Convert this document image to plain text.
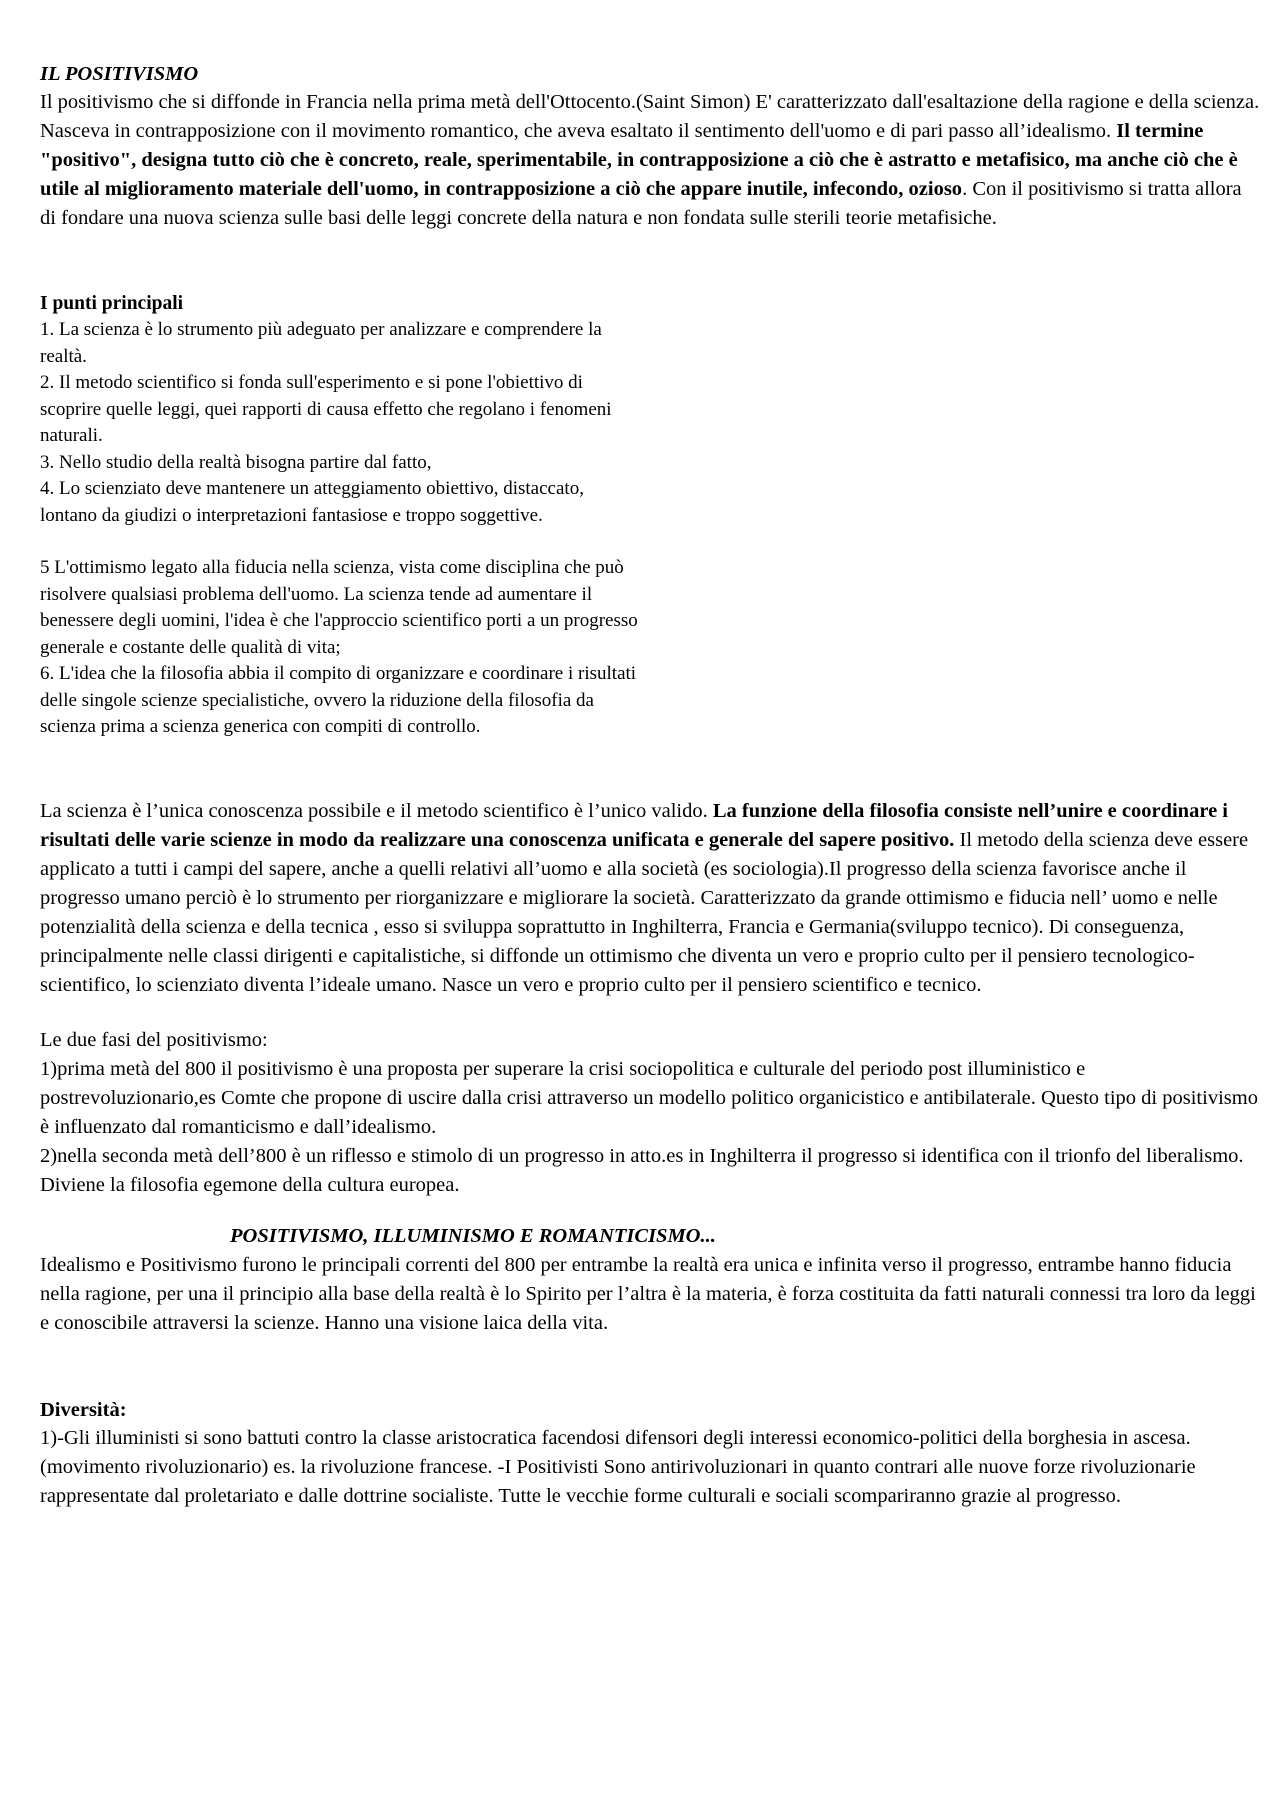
IL POSITIVISMO

Il positivismo che si diffonde in Francia nella prima metà dell'Ottocento.(Saint Simon) E' caratterizzato dall'esaltazione della ragione e della scienza. Nasceva in contrapposizione con il movimento romantico, che aveva esaltato il sentimento dell'uomo e di pari passo all’idealismo. Il termine "positivo", designa tutto ciò che è concreto, reale, sperimentabile, in contrapposizione a ciò che è astratto e metafisico, ma anche ciò che è utile al miglioramento materiale dell'uomo, in contrapposizione a ciò che appare inutile, infecondo, ozioso. Con il positivismo si tratta allora di fondare una nuova scienza sulle basi delle leggi concrete della natura e non fondata sulle sterili teorie metafisiche.

I punti principali

1. La scienza è lo strumento più adeguato per analizzare e comprendere la realtà.

2. Il metodo scientifico si fonda sull'esperimento e si pone l'obiettivo di scoprire quelle leggi, quei rapporti di causa effetto che regolano i fenomeni naturali.

3. Nello studio della realtà bisogna partire dal fatto,

4. Lo scienziato deve mantenere un atteggiamento obiettivo, distaccato, lontano da giudizi o interpretazioni fantasiose e troppo soggettive.

5 L'ottimismo legato alla fiducia nella scienza, vista come disciplina che può risolvere qualsiasi problema dell'uomo. La scienza tende ad aumentare il benessere degli uomini, l'idea è che l'approccio scientifico porti a un progresso generale e costante delle qualità di vita;

6. L'idea che la filosofia abbia il compito di organizzare e coordinare i risultati delle singole scienze specialistiche, ovvero la riduzione della filosofia da scienza prima a scienza generica con compiti di controllo.

La scienza è l’unica conoscenza possibile e il metodo scientifico è l’unico valido. La funzione della filosofia consiste nell’unire e coordinare i risultati delle varie scienze in modo da realizzare una conoscenza unificata e generale del sapere positivo. Il metodo della scienza deve essere applicato a tutti i campi del sapere, anche a quelli relativi all’uomo e alla società (es sociologia).Il progresso della scienza favorisce anche il progresso umano perciò è lo strumento per riorganizzare e migliorare la società. Caratterizzato da grande ottimismo e fiducia nell’ uomo e nelle potenzialità della scienza e della tecnica , esso si sviluppa soprattutto in Inghilterra, Francia e Germania(sviluppo tecnico). Di conseguenza, principalmente nelle classi dirigenti e capitalistiche, si diffonde un ottimismo che diventa un vero e proprio culto per il pensiero tecnologico-scientifico, lo scienziato diventa l’ideale umano. Nasce un vero e proprio culto per il pensiero scientifico e tecnico.

Le due fasi del positivismo:

1)prima metà del 800 il positivismo è una proposta per superare la crisi sociopolitica e culturale del periodo post illuministico e postrevoluzionario,es Comte che propone di uscire dalla crisi attraverso un modello politico organicistico e antibilaterale. Questo tipo di positivismo è influenzato dal romanticismo e dall’idealismo.

2)nella seconda metà dell’800 è un riflesso e stimolo di un progresso in atto.es in Inghilterra il progresso si identifica con il trionfo del liberalismo. Diviene la filosofia egemone della cultura europea.

POSITIVISMO, ILLUMINISMO E ROMANTICISMO...

Idealismo e Positivismo furono le principali correnti del 800 per entrambe la realtà era unica e infinita verso il progresso, entrambe hanno fiducia nella ragione, per una il principio alla base della realtà è lo Spirito per l’altra è la materia, è forza costituita da fatti naturali connessi tra loro da leggi e conoscibile attraversi la scienze. Hanno una visione laica della vita.

Diversità:

1)-Gli illuministi si sono battuti contro la classe aristocratica facendosi difensori degli interessi economico-politici della borghesia in ascesa.(movimento rivoluzionario) es. la rivoluzione francese. -I Positivisti Sono antirivoluzionari in quanto contrari alle nuove forze rivoluzionarie rappresentate dal proletariato e dalle dottrine socialiste. Tutte le vecchie forme culturali e sociali scompariranno grazie al progresso.
